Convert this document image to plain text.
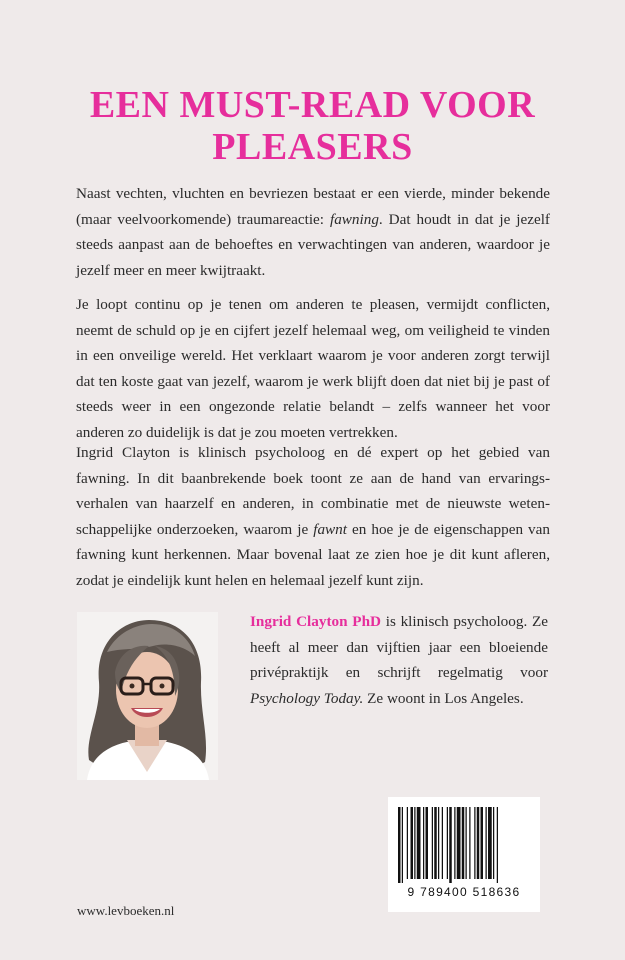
EEN MUST-READ VOOR PLEASERS

Naast vechten, vluchten en bevriezen bestaat er een vierde, minder bekende (maar veelvoorkomende) traumareactie: fawning. Dat houdt in dat je jezelf steeds aanpast aan de behoeftes en verwachtingen van anderen, waardoor je jezelf meer en meer kwijtraakt.

Je loopt continu op je tenen om anderen te pleasen, vermijdt conflicten, neemt de schuld op je en cijfert jezelf helemaal weg, om veiligheid te vinden in een onveilige wereld. Het verklaart waarom je voor anderen zorgt terwijl dat ten koste gaat van jezelf, waarom je werk blijft doen dat niet bij je past of steeds weer in een ongezonde relatie belandt – zelfs wanneer het voor anderen zo duidelijk is dat je zou moeten vertrekken.

Ingrid Clayton is klinisch psycholoog en dé expert op het gebied van fawning. In dit baanbrekende boek toont ze aan de hand van ervaringsverhalen van haarzelf en anderen, in combinatie met de nieuwste wetenschappelijke onderzoeken, waarom je fawnt en hoe je de eigenschappen van fawning kunt herkennen. Maar bovenal laat ze zien hoe je dit kunt afleren, zodat je eindelijk kunt helen en helemaal jezelf kunt zijn.

Ingrid Clayton PhD is klinisch psycholoog. Ze heeft al meer dan vijftien jaar een bloeiende privépraktijk en schrijft regelmatig voor Psychology Today. Ze woont in Los Angeles.

9 789400 518636
www.levboeken.nl
